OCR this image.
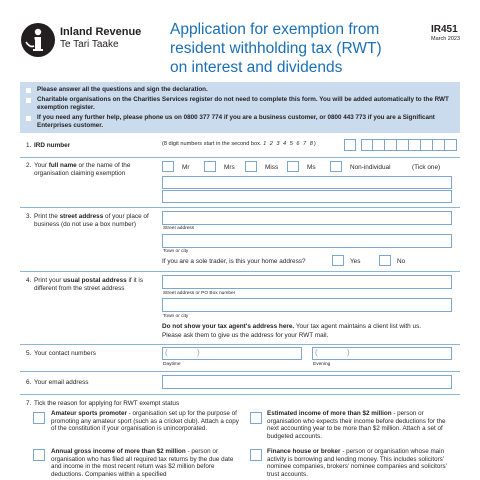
Inland Revenue
Te Tari Taake
Application for exemption from
resident withholding tax (RWT)
on interest and dividends
IR451
March 2023
Please answer all the questions and sign the declaration.
Charitable organisations on the Charities Services register do not need to complete this form. You will be added automatically to the RWT exemption register.
If you need any further help, please phone us on 0800 377 774 if you are a business customer, or 0800 443 773 if you are a Significant Enterprises customer.
1. IRD number	(8 digit numbers start in the second box. 1 2 3 4 5 6 7 8)
2. Your full name or the name of the organisation claiming exemption
Mr	Mrs	Miss	Ms	Non-individual	(Tick one)
3. Print the street address of your place of business (do not use a box number)
Street address
Town or city
If you are a sole trader, is this your home address?	Yes	No
4. Print your usual postal address if it is different from the street address
Street address or PO Box number
Town or city
Do not show your tax agent's address here. Your tax agent maintains a client list with us.
Please ask them to give us the address for your RWT mail.
5. Your contact numbers	(	)
Daytime
(	)
Evening
6. Your email address
7. Tick the reason for applying for RWT exempt status
Amateur sports promoter - organisation set up for the purpose of promoting any amateur sport (such as a cricket club). Attach a copy of the constitution if your organisation is unincorporated.
Estimated income of more than $2 million - person or organisation who expects their income before deductions for the next accounting year to be more than $2 million. Attach a set of budgeted accounts.
Annual gross income of more than $2 million - person or organisation who has filed all required tax returns by the due date and income in the most recent return was $2 million before deductions. Companies within a specified
Finance house or broker - person or organisation whose main activity is borrowing and lending money. This includes solicitors' nominee companies, brokers' nominee companies and solicitors' trust accounts.
